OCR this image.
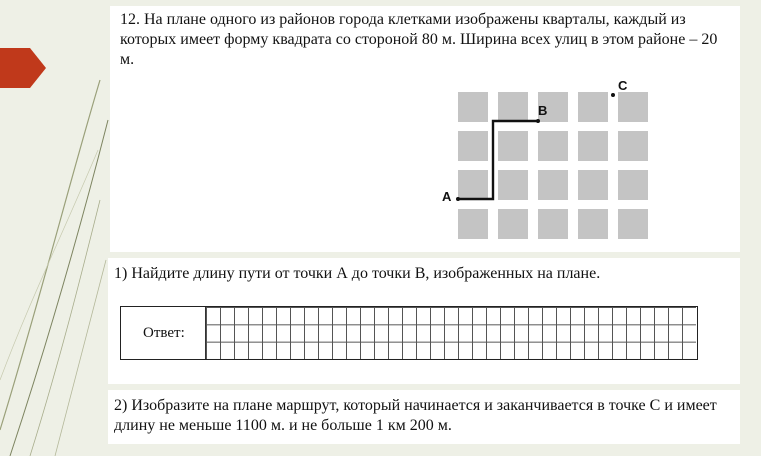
12. На плане одного из районов города клетками изображены кварталы, каждый из которых имеет форму квадрата со стороной 80 м. Ширина всех улиц в этом районе – 20 м.
A
B
C
1) Найдите длину пути от точки А до точки В, изображенных на плане.
Ответ:
2) Изобразите на плане маршрут, который начинается и заканчивается в точке С и имеет длину не меньше 1100 м. и не больше 1 км 200 м.
